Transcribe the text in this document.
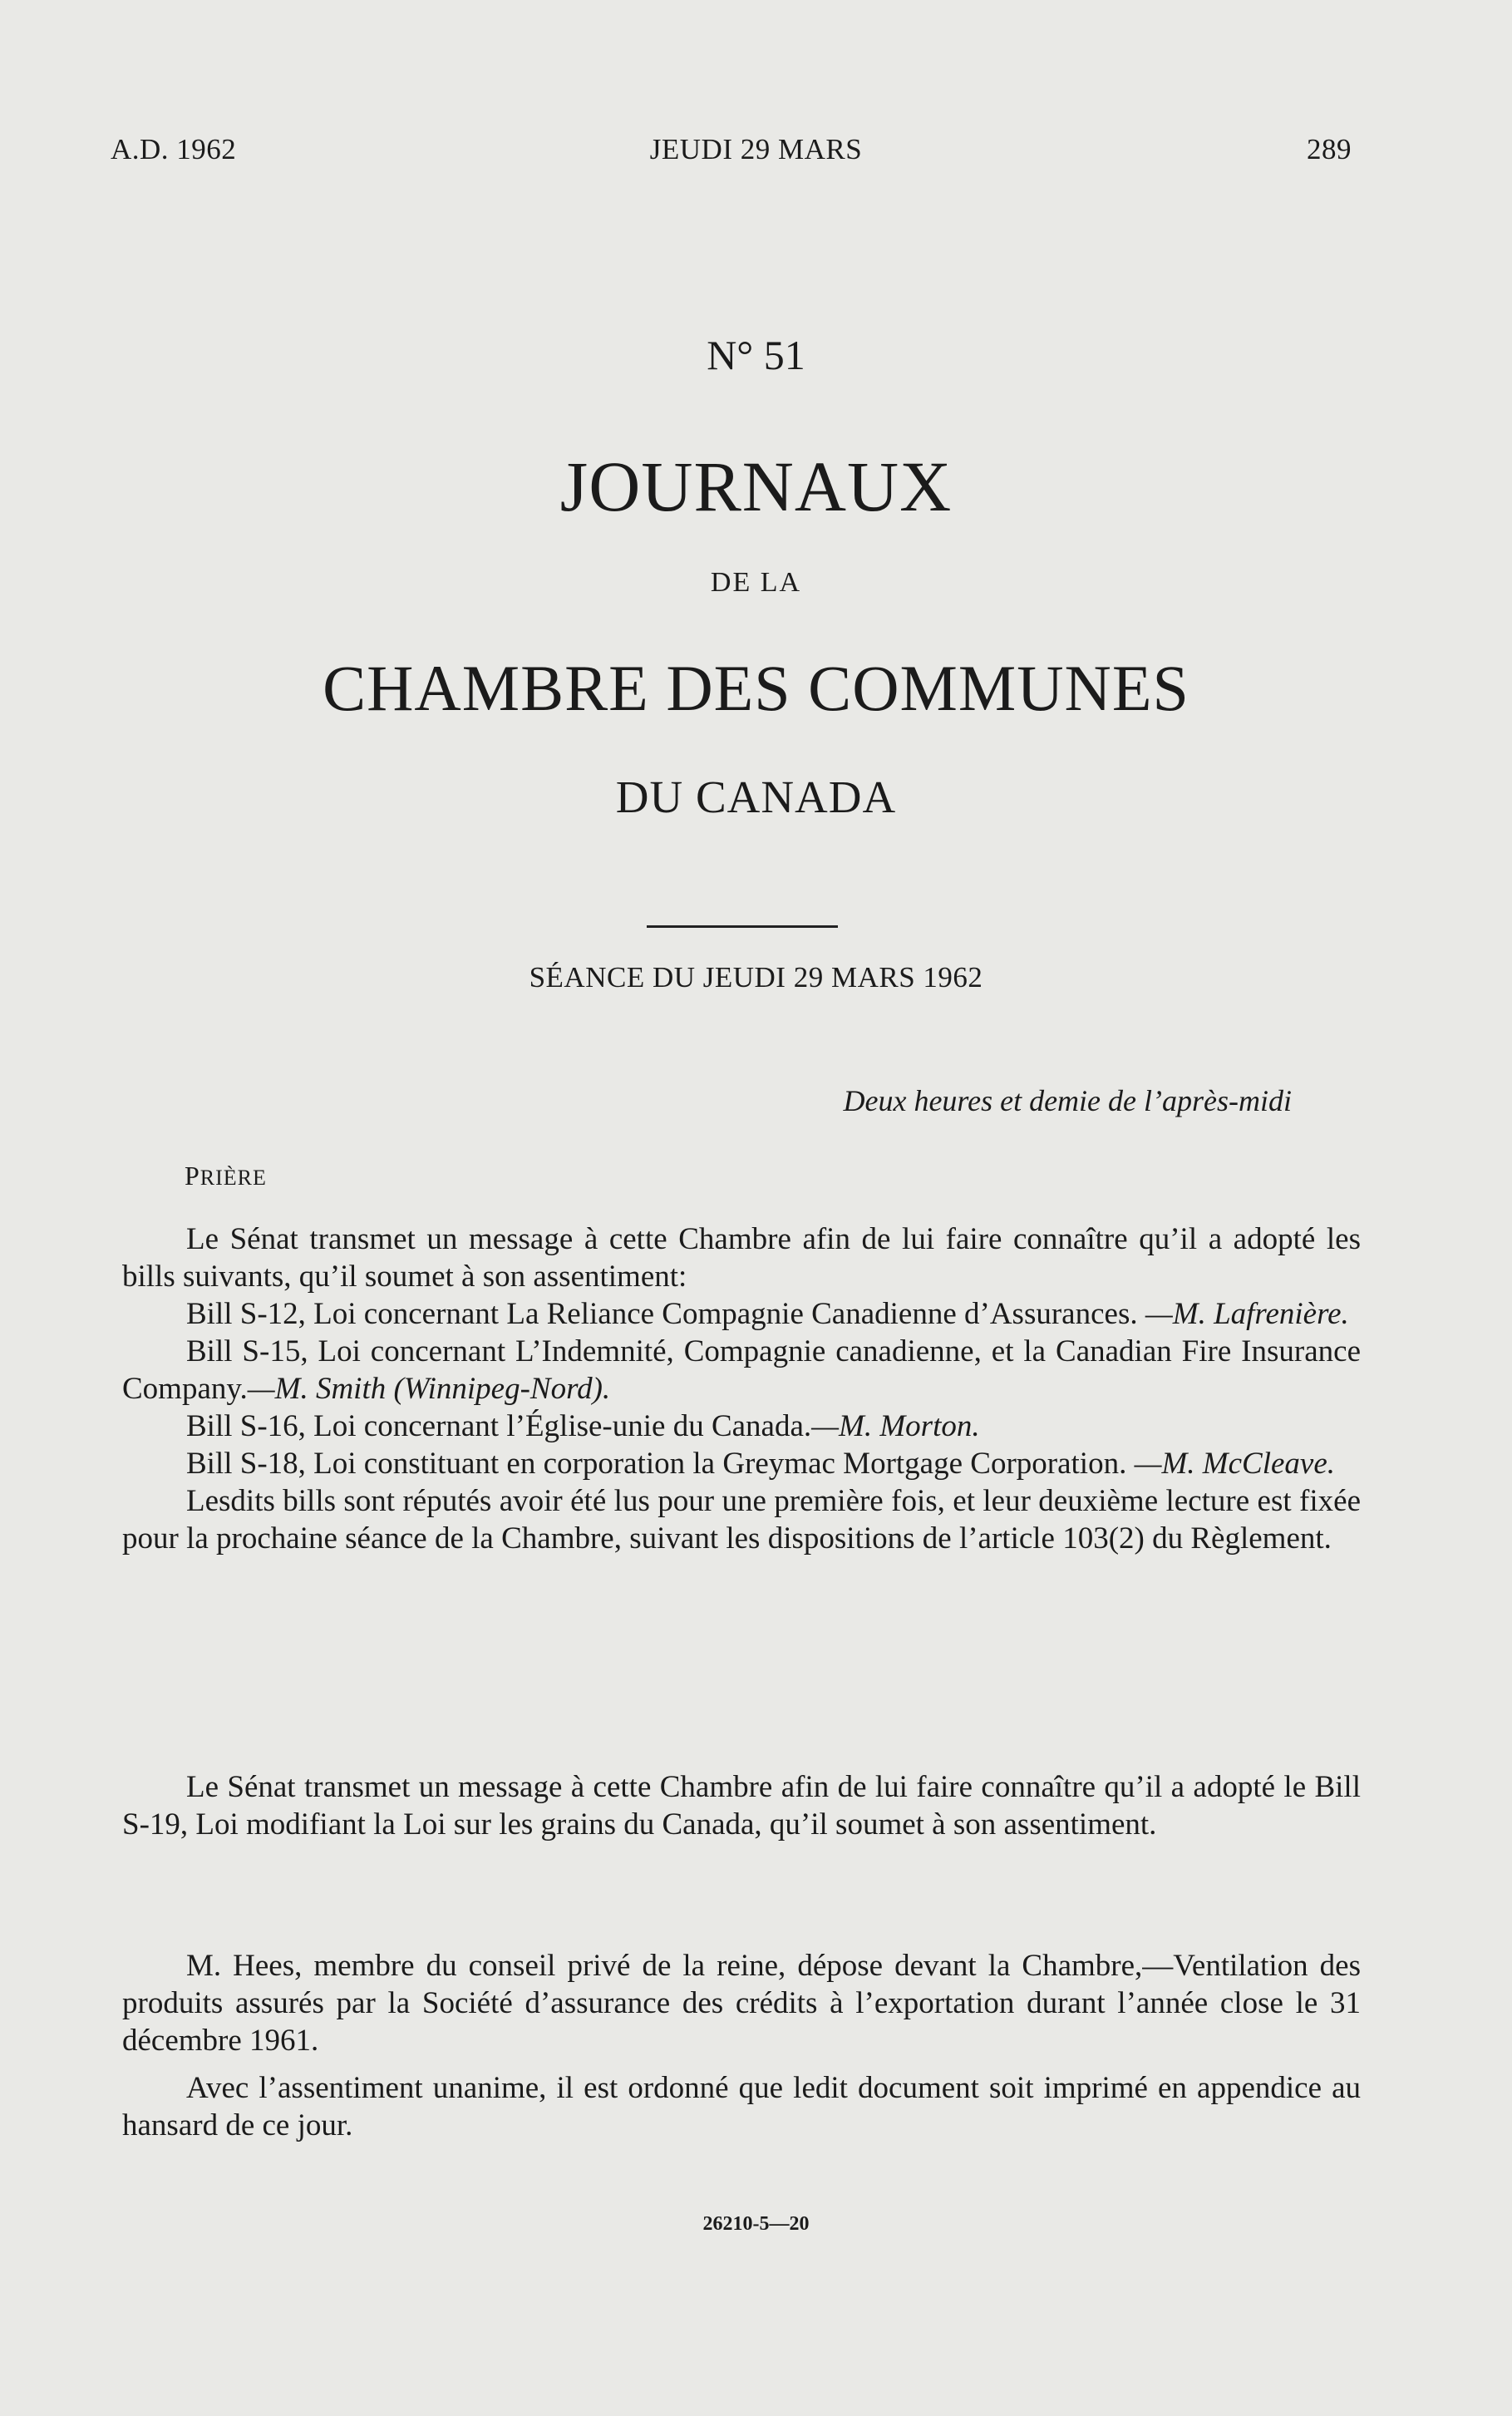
A.D. 1962	JEUDI 29 MARS	289
N° 51
JOURNAUX
DE LA
CHAMBRE DES COMMUNES
DU CANADA
SÉANCE DU JEUDI 29 MARS 1962
Deux heures et demie de l’après-midi
PRIÈRE

Le Sénat transmet un message à cette Chambre afin de lui faire connaître qu’il a adopté les bills suivants, qu’il soumet à son assentiment:

Bill S-12, Loi concernant La Reliance Compagnie Canadienne d’Assurances. —M. Lafrenière.

Bill S-15, Loi concernant L’Indemnité, Compagnie canadienne, et la Canadian Fire Insurance Company.—M. Smith (Winnipeg-Nord).

Bill S-16, Loi concernant l’Église-unie du Canada.—M. Morton.

Bill S-18, Loi constituant en corporation la Greymac Mortgage Corporation. —M. McCleave.

Lesdits bills sont réputés avoir été lus pour une première fois, et leur deuxième lecture est fixée pour la prochaine séance de la Chambre, suivant les dispositions de l’article 103(2) du Règlement.

Le Sénat transmet un message à cette Chambre afin de lui faire connaître qu’il a adopté le Bill S-19, Loi modifiant la Loi sur les grains du Canada, qu’il soumet à son assentiment.

M. Hees, membre du conseil privé de la reine, dépose devant la Chambre,—Ventilation des produits assurés par la Société d’assurance des crédits à l’exportation durant l’année close le 31 décembre 1961.

Avec l’assentiment unanime, il est ordonné que ledit document soit imprimé en appendice au hansard de ce jour.

26210-5—20
